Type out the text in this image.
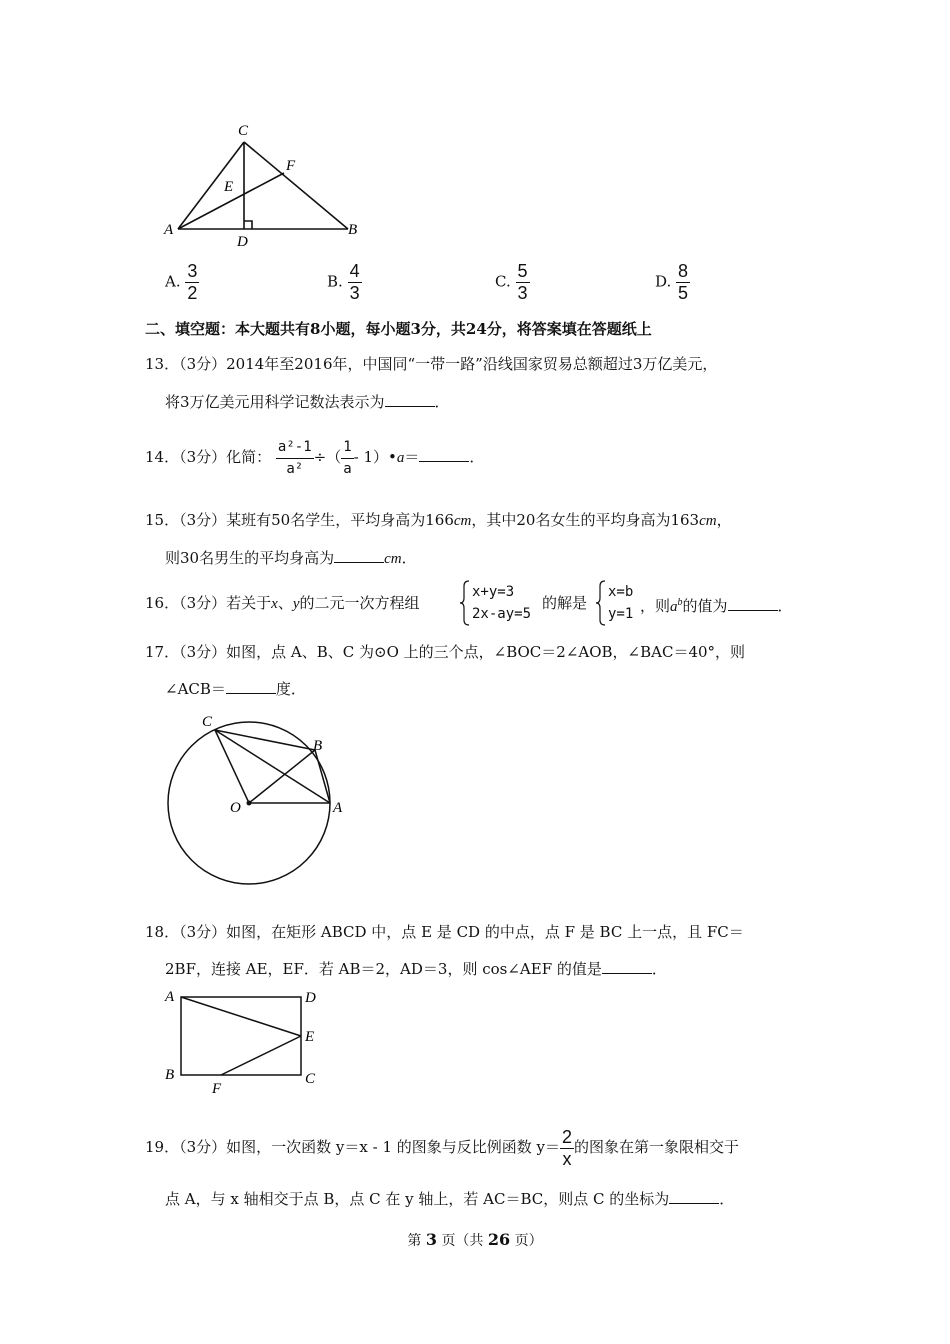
C
F
E
A
D
B
A. $\frac{3}{2}$	B. $\frac{4}{3}$	C. $\frac{5}{3}$	D. $\frac{8}{5}$
二、填空题：本大题共有8小题，每小题3分，共24分，将答案填在答题纸上
13．（3分）2014年至2016年，中国同“一带一路”沿线国家贸易总额超过3万亿美元，
将3万亿美元用科学记数法表示为	．
14．（3分）化简： $\frac{\text{a²-1}}{\text{a²}}$ ÷（ $\frac{1}{a}$ - 1）•a＝	．
15．（3分）某班有50名学生，平均身高为166cm，其中20名女生的平均身高为163cm，
则30名男生的平均身高为	cm．
16．（3分）若关于x、y的二元一次方程组
x+y=3
2x-ay=5
的解是
x=b
y=1 ，则$a^b$的值为	．
17．（3分）如图，点 A、B、C 为⊙O 上的三个点，∠BOC＝2∠AOB，∠BAC＝40°，则
∠ACB＝	度．
C
B
O	A
18．（3分）如图，在矩形 ABCD 中，点 E 是 CD 的中点，点 F 是 BC 上一点，且 FC＝
2BF，连接 AE，EF．若 AB＝2，AD＝3，则 cos∠AEF 的值是	．
A	D
E
B
F
C
19．（3分）如图，一次函数 y＝x - 1 的图象与反比例函数 $y= \frac{2}{x}$ 的图象在第一象限相交于
点 A，与 x 轴相交于点 B，点 C 在 y 轴上，若 AC＝BC，则点 C 的坐标为	．
第 3 页（共 26 页）
